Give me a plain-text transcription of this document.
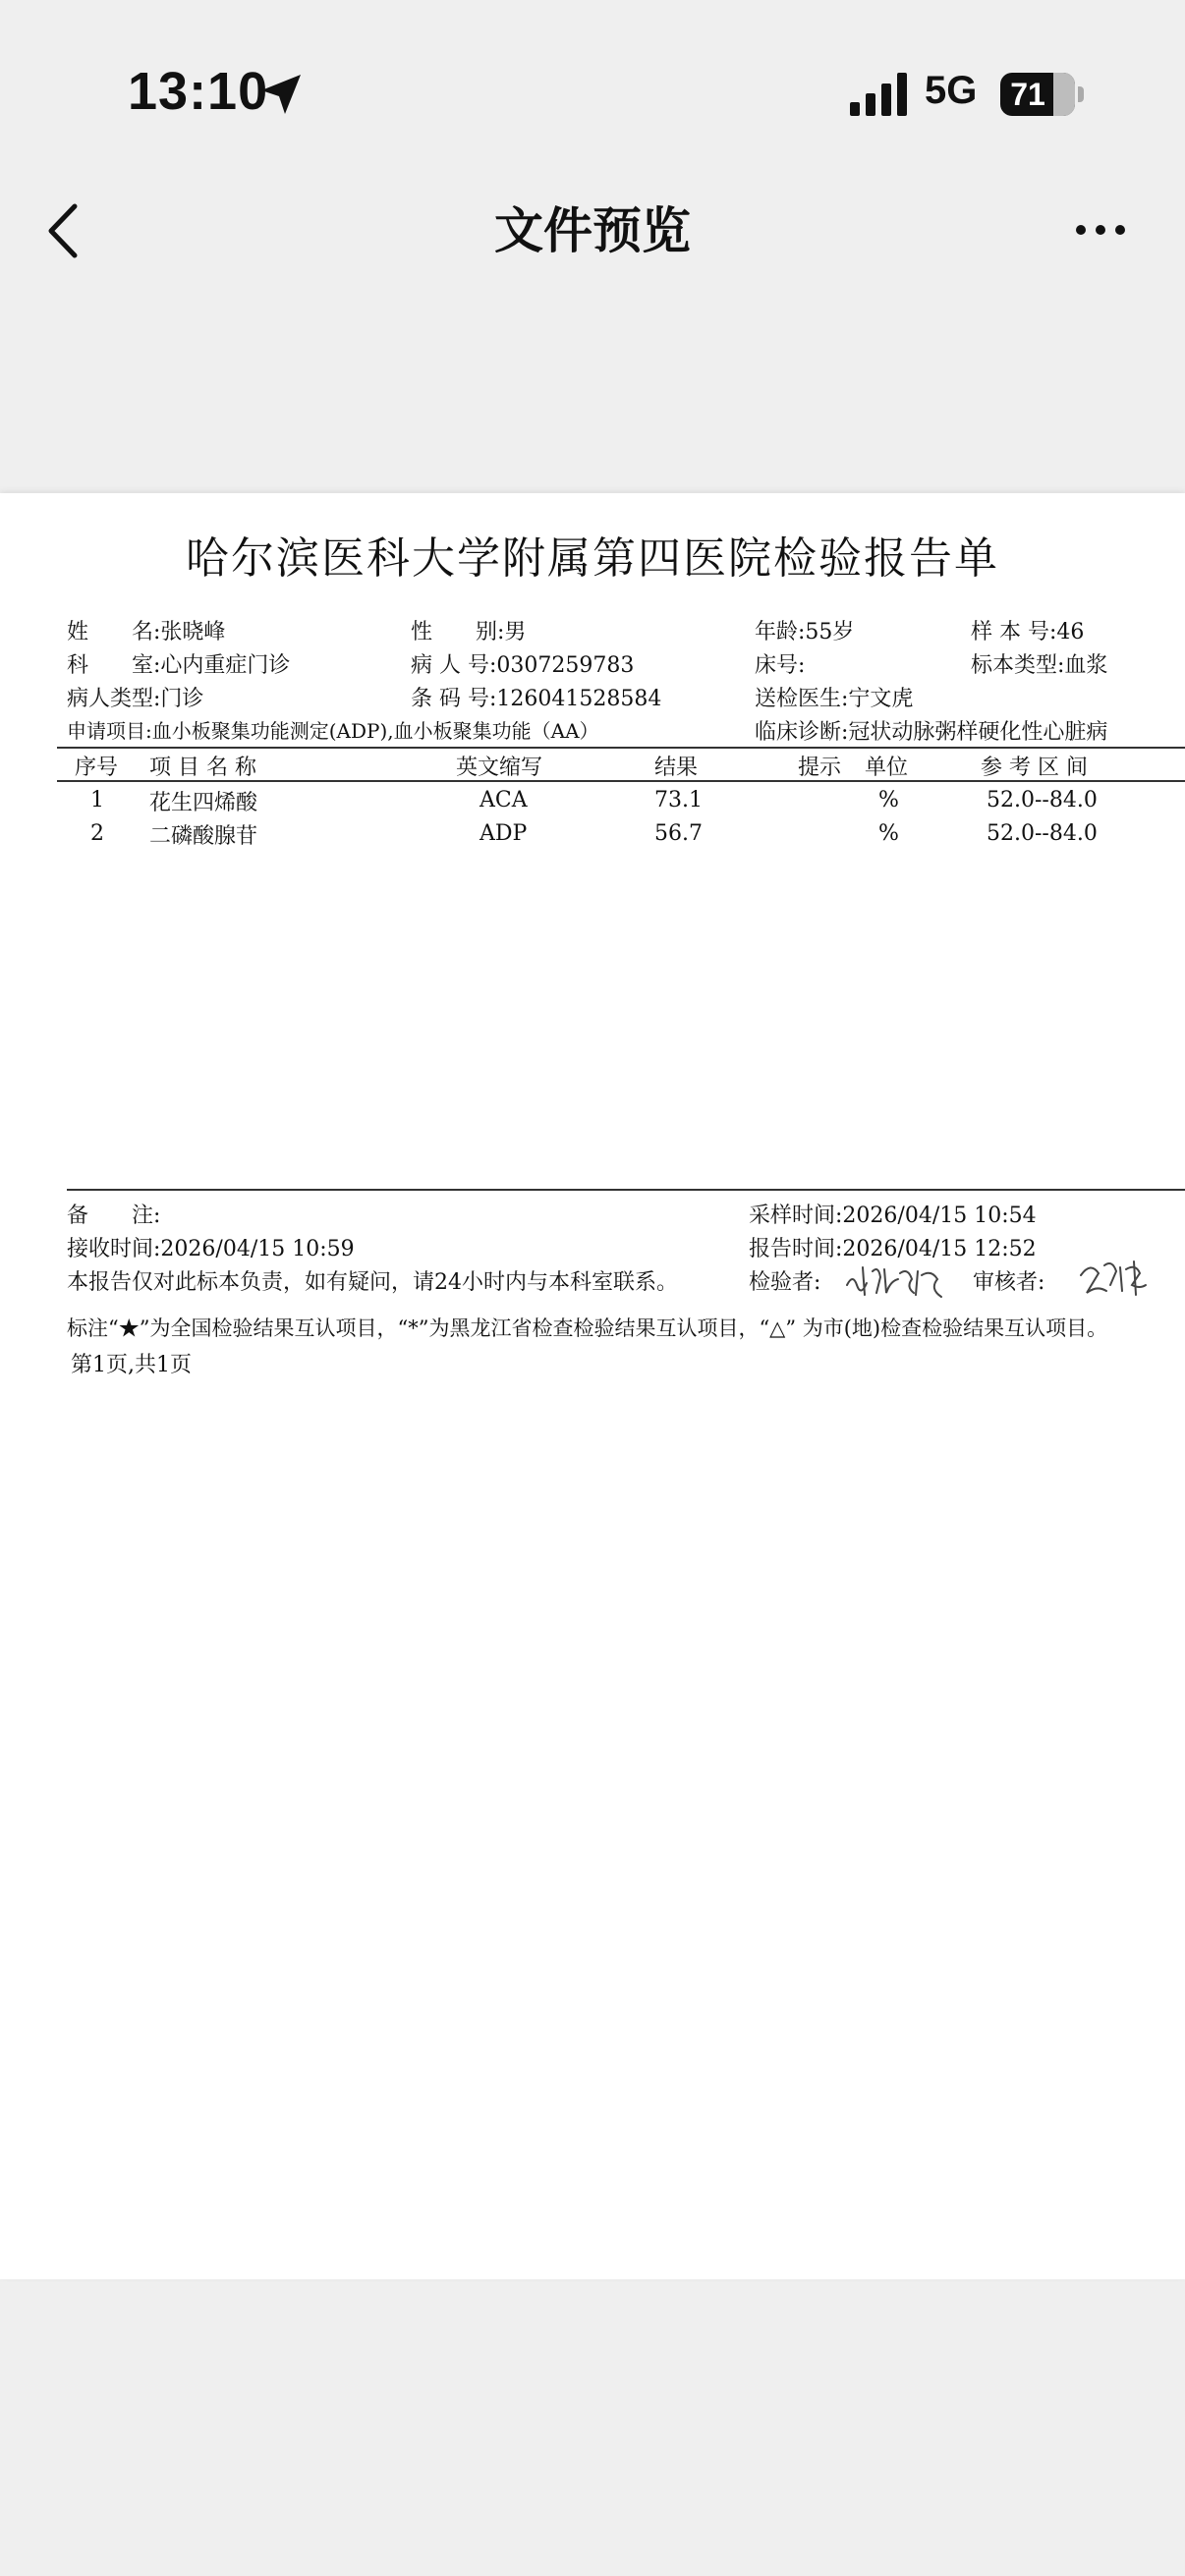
13:10	5G	71
文件预览
哈尔滨医科大学附属第四医院检验报告单
姓　　名:张晓峰	性　　别:男	年龄:55岁	样 本 号:46
科　　室:心内重症门诊	病 人 号:0307259783	床号:	标本类型:血浆
病人类型:门诊	条 码 号:126041528584	送检医生:宁文虎
申请项目:血小板聚集功能测定(ADP),血小板聚集功能（AA）	临床诊断:冠状动脉粥样硬化性心脏病
序号 项 目 名 称	英文缩写	结果	提示 单位	参 考 区 间
1 花生四烯酸	ACA	73.1	%	52.0--84.0
2 二磷酸腺苷	ADP	56.7	%	52.0--84.0
备　　注:	采样时间:2026/04/15 10:54
接收时间:2026/04/15 10:59	报告时间:2026/04/15 12:52
本报告仅对此标本负责，如有疑问，请24小时内与本科室联系。	检验者:	审核者:
标注“★”为全国检验结果互认项目，“*”为黑龙江省检查检验结果互认项目，“△” 为市(地)检查检验结果互认项目。
第1页,共1页
